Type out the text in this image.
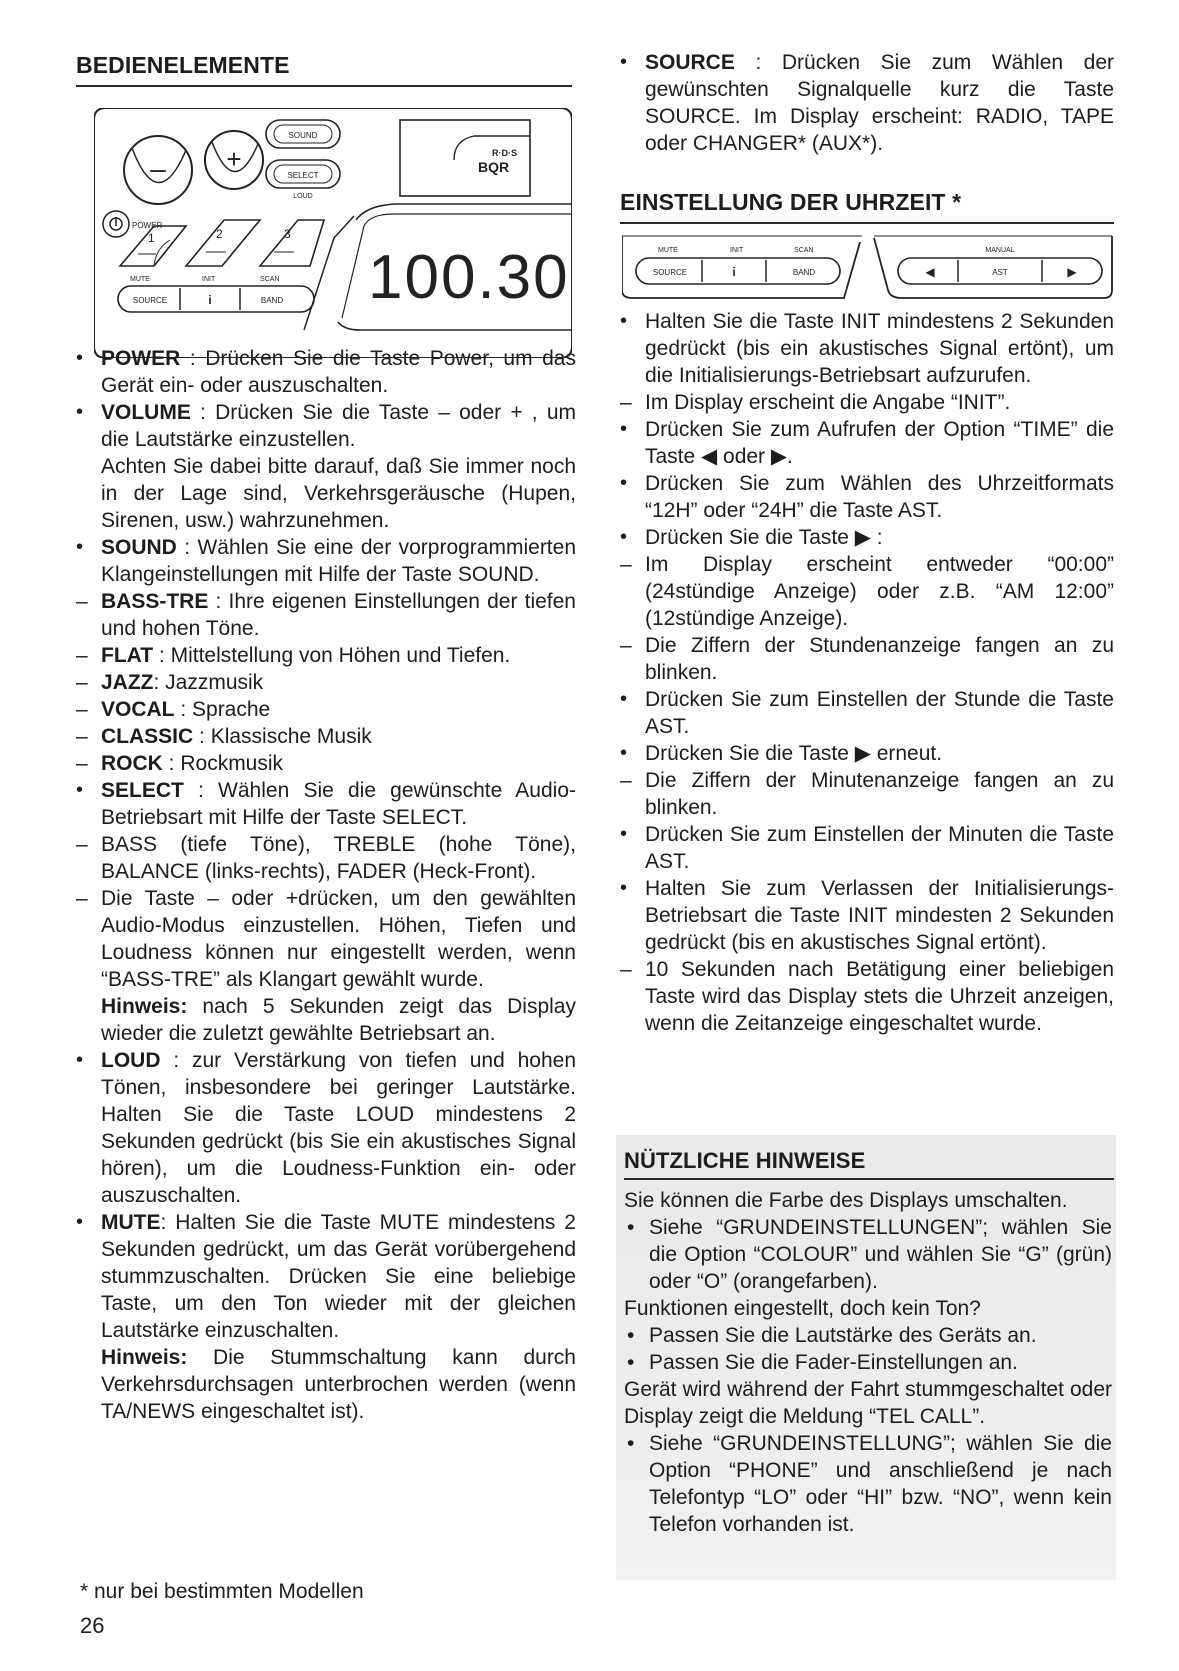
BEDIENELEMENTE
– +
POWER
SOUND
SELECT
LOUD
R·D·S
BQR
1	2	3
MUTE	INIT	SCAN
SOURCE	i	BAND 100.30
• POWER : Drücken Sie die Taste Power, um das Gerät ein- oder auszuschalten.
• VOLUME : Drücken Sie die Taste – oder + , um die Lautstärke einzustellen.
Achten Sie dabei bitte darauf, daß Sie immer noch in der Lage sind, Verkehrsgeräusche (Hupen, Sirenen, usw.) wahrzunehmen.
• SOUND : Wählen Sie eine der vorprogrammierten Klangeinstellungen mit Hilfe der Taste SOUND.
– BASS-TRE : Ihre eigenen Einstellungen der tiefen und hohen Töne.
– FLAT : Mittelstellung von Höhen und Tiefen.
– JAZZ: Jazzmusik
– VOCAL : Sprache
– CLASSIC : Klassische Musik
– ROCK : Rockmusik
• SELECT : Wählen Sie die gewünschte Audio-Betriebsart mit Hilfe der Taste SELECT.
– BASS (tiefe Töne), TREBLE (hohe Töne), BALANCE (links-rechts), FADER (Heck-Front).
– Die Taste – oder +drücken, um den gewählten Audio-Modus einzustellen. Höhen, Tiefen und Loudness können nur eingestellt werden, wenn “BASS-TRE” als Klangart gewählt wurde.
Hinweis: nach 5 Sekunden zeigt das Display wieder die zuletzt gewählte Betriebsart an.
• LOUD : zur Verstärkung von tiefen und hohen Tönen, insbesondere bei geringer Lautstärke. Halten Sie die Taste LOUD mindestens 2 Sekunden gedrückt (bis Sie ein akustisches Signal hören), um die Loudness-Funktion ein- oder auszuschalten.
• MUTE: Halten Sie die Taste MUTE mindestens 2 Sekunden gedrückt, um das Gerät vorübergehend stummzuschalten. Drücken Sie eine beliebige Taste, um den Ton wieder mit der gleichen Lautstärke einzuschalten.
Hinweis: Die Stummschaltung kann durch Verkehrsdurchsagen unterbrochen werden (wenn TA/NEWS eingeschaltet ist).
• SOURCE : Drücken Sie zum Wählen der gewünschten Signalquelle kurz die Taste SOURCE. Im Display erscheint: RADIO, TAPE oder CHANGER* (AUX*).
EINSTELLUNG DER UHRZEIT *
MUTE	INIT	SCAN
SOURCE	i	BAND
MANUAL
◀	AST	▶
• Halten Sie die Taste INIT mindestens 2 Sekunden gedrückt (bis ein akustisches Signal ertönt), um die Initialisierungs-Betriebsart aufzurufen.
– Im Display erscheint die Angabe “INIT”.
• Drücken Sie zum Aufrufen der Option “TIME” die Taste ◀ oder ▶.
• Drücken Sie zum Wählen des Uhrzeitformats “12H” oder “24H” die Taste AST.
• Drücken Sie die Taste ▶ :
– Im Display erscheint entweder “00:00” (24stündige Anzeige) oder z.B. “AM 12:00” (12stündige Anzeige).
– Die Ziffern der Stundenanzeige fangen an zu blinken.
• Drücken Sie zum Einstellen der Stunde die Taste AST.
• Drücken Sie die Taste ▶ erneut.
– Die Ziffern der Minutenanzeige fangen an zu blinken.
• Drücken Sie zum Einstellen der Minuten die Taste AST.
• Halten Sie zum Verlassen der Initialisierungs-Betriebsart die Taste INIT mindesten 2 Sekunden gedrückt (bis en akustisches Signal ertönt).
– 10 Sekunden nach Betätigung einer beliebigen Taste wird das Display stets die Uhrzeit anzeigen, wenn die Zeitanzeige eingeschaltet wurde.
NÜTZLICHE HINWEISE

Sie können die Farbe des Displays umschalten.

• Siehe “GRUNDEINSTELLUNGEN”; wählen Sie die Option “COLOUR” und wählen Sie “G” (grün) oder “O” (orangefarben).

Funktionen eingestellt, doch kein Ton?

• Passen Sie die Lautstärke des Geräts an.
• Passen Sie die Fader-Einstellungen an.

Gerät wird während der Fahrt stummgeschaltet oder Display zeigt die Meldung “TEL CALL”.

• Siehe “GRUNDEINSTELLUNG”; wählen Sie die Option “PHONE” und anschließend je nach Telefontyp “LO” oder “HI” bzw. “NO”, wenn kein Telefon vorhanden ist.
* nur bei bestimmten Modellen
26
